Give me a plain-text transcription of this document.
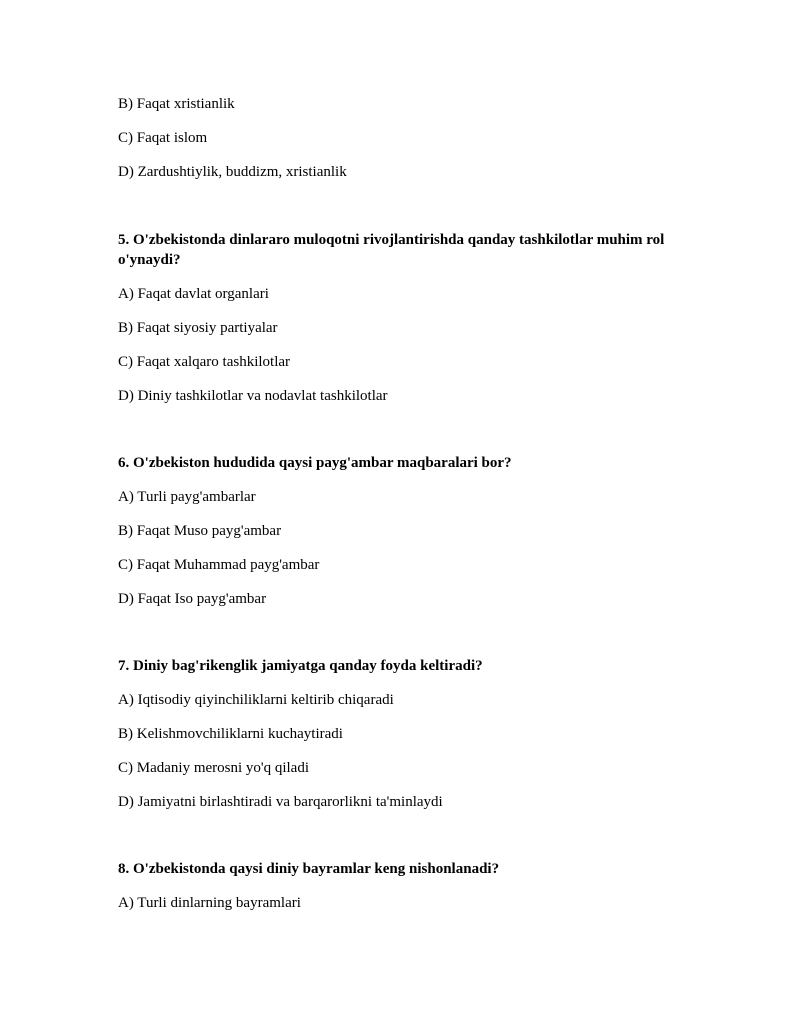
B) Faqat xristianlik
C) Faqat islom
D) Zardushtiylik, buddizm, xristianlik
5. O'zbekistonda dinlararo muloqotni rivojlantirishda qanday tashkilotlar muhim rol o'ynaydi?
A) Faqat davlat organlari
B) Faqat siyosiy partiyalar
C) Faqat xalqaro tashkilotlar
D) Diniy tashkilotlar va nodavlat tashkilotlar
6. O'zbekiston hududida qaysi payg'ambar maqbaralari bor?
A) Turli payg'ambarlar
B) Faqat Muso payg'ambar
C) Faqat Muhammad payg'ambar
D) Faqat Iso payg'ambar
7. Diniy bag'rikenglik jamiyatga qanday foyda keltiradi?
A) Iqtisodiy qiyinchiliklarni keltirib chiqaradi
B) Kelishmovchiliklarni kuchaytiradi
C) Madaniy merosni yo'q qiladi
D) Jamiyatni birlashtiradi va barqarorlikni ta'minlaydi
8. O'zbekistonda qaysi diniy bayramlar keng nishonlanadi?
A) Turli dinlarning bayramlari
